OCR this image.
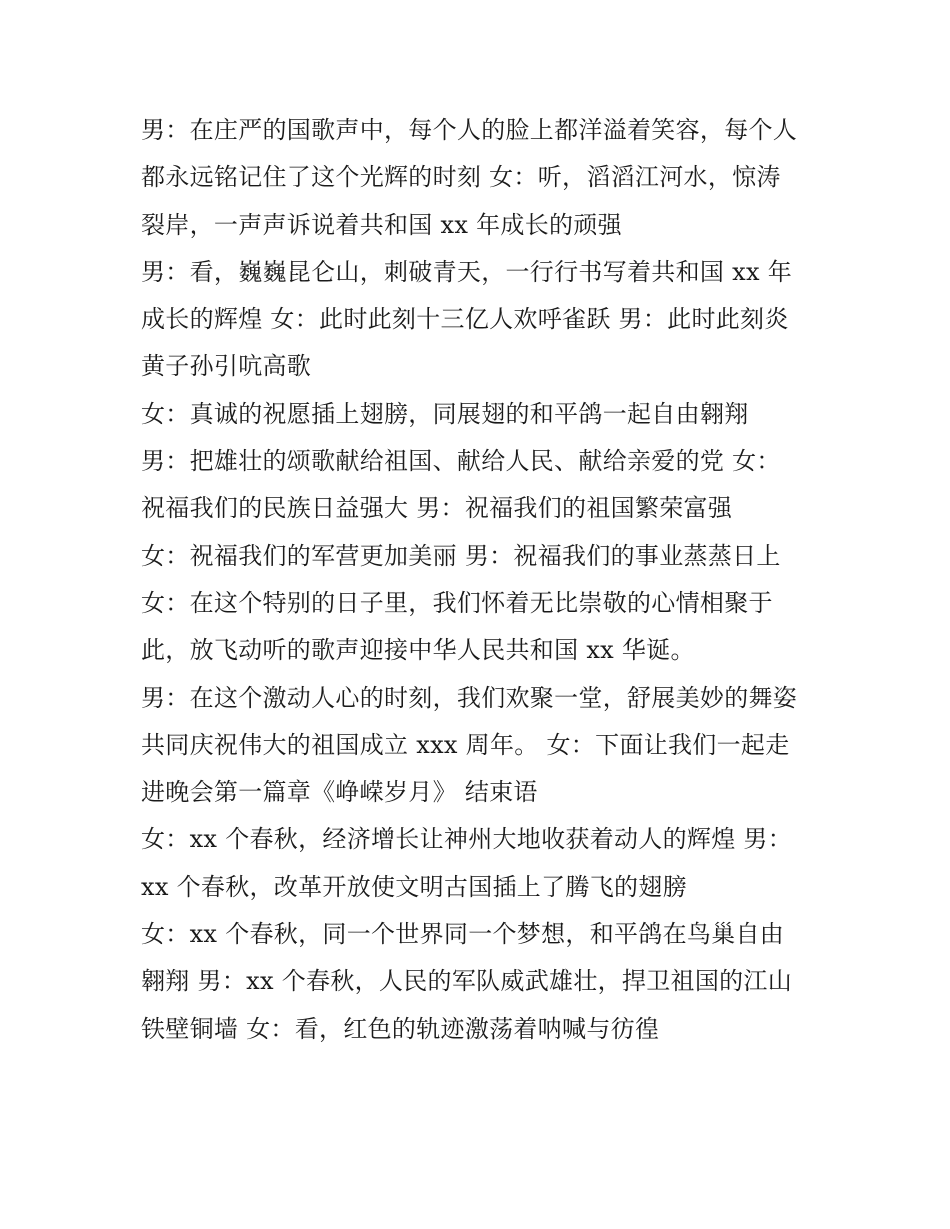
男：在庄严的国歌声中，每个人的脸上都洋溢着笑容，每个人
都永远铭记住了这个光辉的时刻 女：听，滔滔江河水，惊涛
裂岸，一声声诉说着共和国 xx 年成长的顽强
男：看，巍巍昆仑山，刺破青天，一行行书写着共和国 xx 年
成长的辉煌 女：此时此刻十三亿人欢呼雀跃 男：此时此刻炎
黄子孙引吭高歌
女：真诚的祝愿插上翅膀，同展翅的和平鸽一起自由翱翔
男：把雄壮的颂歌献给祖国、献给人民、献给亲爱的党 女：
祝福我们的民族日益强大 男：祝福我们的祖国繁荣富强
女：祝福我们的军营更加美丽 男：祝福我们的事业蒸蒸日上
女：在这个特别的日子里，我们怀着无比崇敬的心情相聚于
此，放飞动听的歌声迎接中华人民共和国 xx 华诞。
男：在这个激动人心的时刻，我们欢聚一堂，舒展美妙的舞姿
共同庆祝伟大的祖国成立 xxx 周年。 女：下面让我们一起走
进晚会第一篇章《峥嵘岁月》 结束语
女：xx 个春秋，经济增长让神州大地收获着动人的辉煌 男：
xx 个春秋，改革开放使文明古国插上了腾飞的翅膀
女：xx 个春秋，同一个世界同一个梦想，和平鸽在鸟巢自由
翱翔 男：xx 个春秋，人民的军队威武雄壮，捍卫祖国的江山
铁壁铜墙 女：看，红色的轨迹激荡着呐喊与彷徨
